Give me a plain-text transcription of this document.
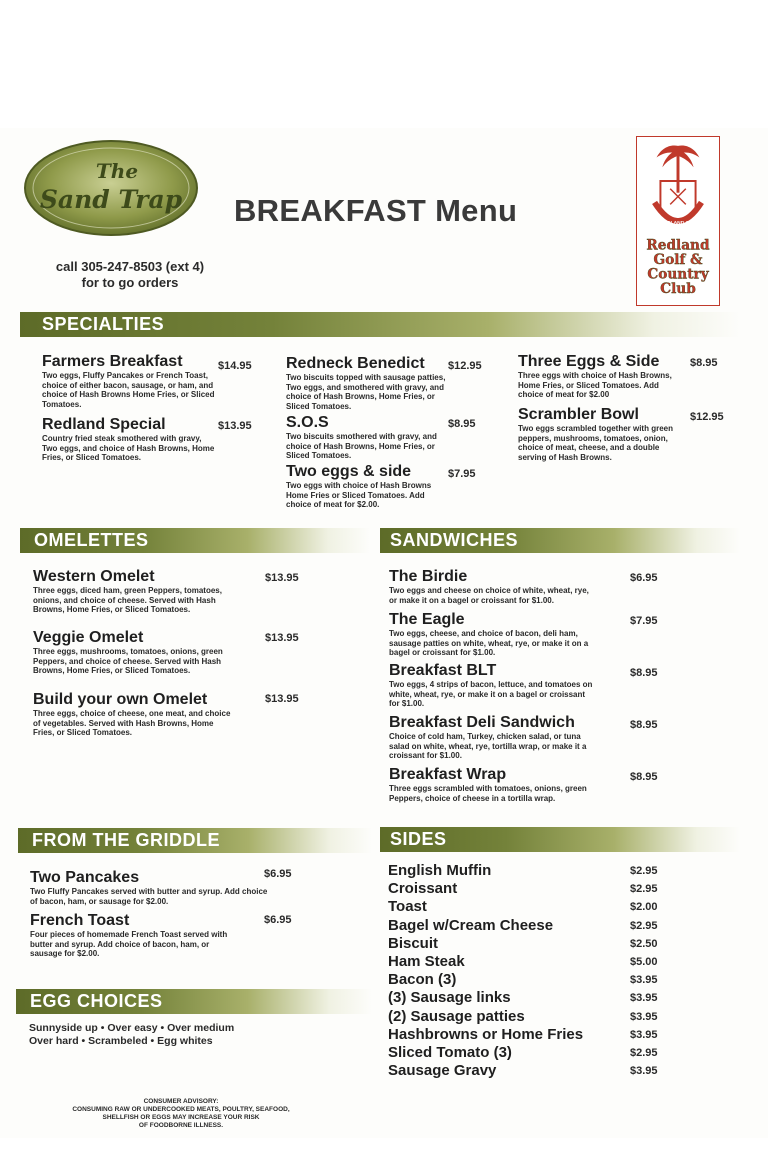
The
Sand Trap
call 305-247-8503 (ext 4)
for to go orders
BREAKFAST Menu	REDLAND G.C.
Redland
Golf &
Country
Club
SPECIALTIES
OMELETTES	SANDWICHES
FROM THE GRIDDLE	SIDES
EGG CHOICES
Farmers Breakfast
Two eggs, Fluffy Pancakes or French Toast, choice of either bacon, sausage, or ham, and choice of Hash Browns Home Fries, or Sliced Tomatoes.
$14.95
Redland Special
Country fried steak smothered with gravy, Two eggs, and choice of Hash Browns, Home Fries, or Sliced Tomatoes.
$13.95
Redneck Benedict
Two biscuits topped with sausage patties, Two eggs, and smothered with gravy, and choice of Hash Browns, Home Fries, or Sliced Tomatoes.
$12.95
S.O.S
Two biscuits smothered with gravy, and choice of Hash Browns, Home Fries, or Sliced Tomatoes.
$8.95
Two eggs & side
Two eggs with choice of Hash Browns Home Fries or Sliced Tomatoes. Add choice of meat for $2.00.
$7.95
Three Eggs & Side
Three eggs with choice of Hash Browns, Home Fries, or Sliced Tomatoes. Add choice of meat for $2.00
$8.95
Scrambler Bowl
Two eggs scrambled together with green peppers, mushrooms, tomatoes, onion, choice of meat, cheese, and a double serving of Hash Browns.
$12.95
Western Omelet
Three eggs, diced ham, green Peppers, tomatoes, onions, and choice of cheese. Served with Hash Browns, Home Fries, or Sliced Tomatoes.
$13.95
Veggie Omelet
Three eggs, mushrooms, tomatoes, onions, green Peppers, and choice of cheese. Served with Hash Browns, Home Fries, or Sliced Tomatoes.
$13.95
Build your own Omelet
Three eggs, choice of cheese, one meat, and choice of vegetables. Served with Hash Browns, Home Fries, or Sliced Tomatoes.
$13.95
The Birdie
Two eggs and cheese on choice of white, wheat, rye, or make it on a bagel or croissant for $1.00.
$6.95
The Eagle
Two eggs, cheese, and choice of bacon, deli ham, sausage patties on white, wheat, rye, or make it on a bagel or croissant for $1.00.
$7.95
Breakfast BLT
Two eggs, 4 strips of bacon, lettuce, and tomatoes on white, wheat, rye, or make it on a bagel or croissant for $1.00.
$8.95
Breakfast Deli Sandwich
Choice of cold ham, Turkey, chicken salad, or tuna salad on white, wheat, rye, tortilla wrap, or make it a croissant for $1.00.
$8.95
Breakfast Wrap
Three eggs scrambled with tomatoes, onions, green Peppers, choice of cheese in a tortilla wrap.
$8.95
Two Pancakes
Two Fluffy Pancakes served with butter and syrup. Add choice of bacon, ham, or sausage for $2.00.
$6.95
French Toast
Four pieces of homemade French Toast served with butter and syrup. Add choice of bacon, ham, or sausage for $2.00.
$6.95
English Muffin	$2.95
Croissant	$2.95
Toast	$2.00
Bagel w/Cream Cheese	$2.95
Biscuit	$2.50
Ham Steak	$5.00
Bacon (3)	$3.95
(3) Sausage links	$3.95
(2) Sausage patties	$3.95
Hashbrowns or Home Fries	$3.95
Sliced Tomato (3)	$2.95
Sausage Gravy	$3.95
Sunnyside up • Over easy • Over medium
Over hard • Scrambeled • Egg whites
CONSUMER ADVISORY:
CONSUMING RAW OR UNDERCOOKED MEATS, POULTRY, SEAFOOD,
SHELLFISH OR EGGS MAY INCREASE YOUR RISK
OF FOODBORNE ILLNESS.
